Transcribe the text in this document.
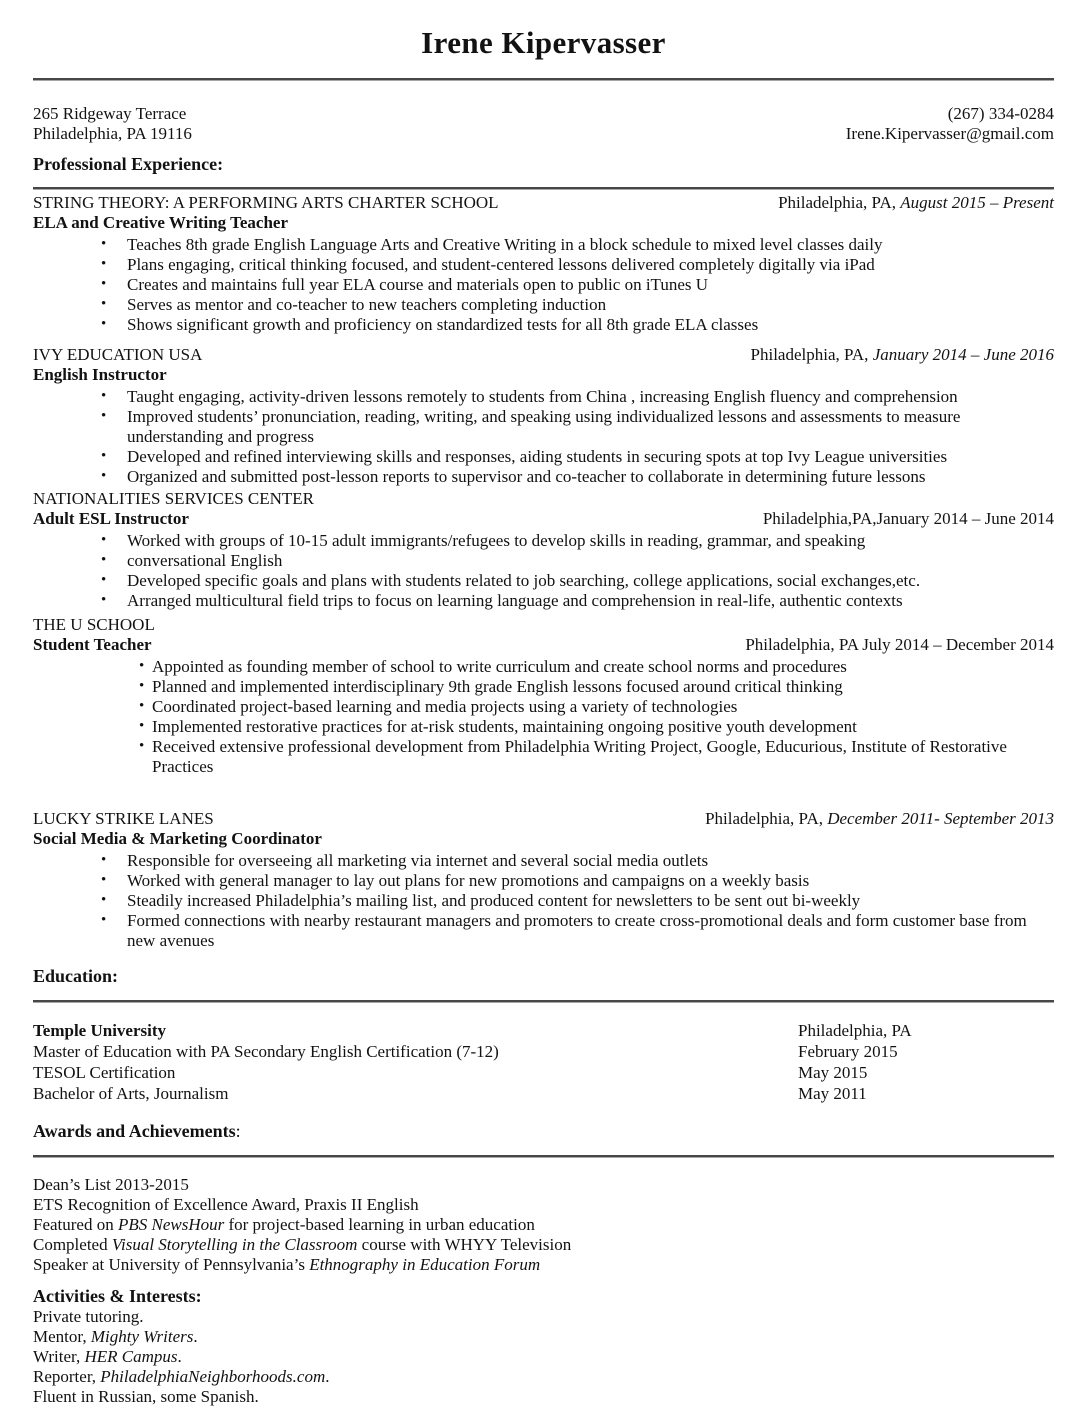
Irene Kipervasser
265 Ridgeway Terrace
Philadelphia, PA 19116
(267) 334-0284
Irene.Kipervasser@gmail.com
Professional Experience:
STRING THEORY: A PERFORMING ARTS CHARTER SCHOOL	Philadelphia, PA, August 2015 – Present
ELA and Creative Writing Teacher
• Teaches 8th grade English Language Arts and Creative Writing in a block schedule to mixed level classes daily
• Plans engaging, critical thinking focused, and student-centered lessons delivered completely digitally via iPad
• Creates and maintains full year ELA course and materials open to public on iTunes U
• Serves as mentor and co-teacher to new teachers completing induction
• Shows significant growth and proficiency on standardized tests for all 8th grade ELA classes
IVY EDUCATION USA	Philadelphia, PA, January 2014 – June 2016
English Instructor
• Taught engaging, activity-driven lessons remotely to students from China , increasing English fluency and comprehension
• Improved students’ pronunciation, reading, writing, and speaking using individualized lessons and assessments to measure understanding and progress
• Developed and refined interviewing skills and responses, aiding students in securing spots at top Ivy League universities
• Organized and submitted post-lesson reports to supervisor and co-teacher to collaborate in determining future lessons
NATIONALITIES SERVICES CENTER
Adult ESL Instructor	Philadelphia,PA,January 2014 – June 2014
• Worked with groups of 10-15 adult immigrants/refugees to develop skills in reading, grammar, and speaking
• conversational English
• Developed specific goals and plans with students related to job searching, college applications, social exchanges,etc.
• Arranged multicultural field trips to focus on learning language and comprehension in real-life, authentic contexts
THE U SCHOOL
Student Teacher	Philadelphia, PA July 2014 – December 2014
• Appointed as founding member of school to write curriculum and create school norms and procedures
• Planned and implemented interdisciplinary 9th grade English lessons focused around critical thinking
• Coordinated project-based learning and media projects using a variety of technologies
• Implemented restorative practices for at-risk students, maintaining ongoing positive youth development
• Received extensive professional development from Philadelphia Writing Project, Google, Educurious, Institute of Restorative Practices
LUCKY STRIKE LANES	Philadelphia, PA, December 2011- September 2013
Social Media & Marketing Coordinator
• Responsible for overseeing all marketing via internet and several social media outlets
• Worked with general manager to lay out plans for new promotions and campaigns on a weekly basis
• Steadily increased Philadelphia’s mailing list, and produced content for newsletters to be sent out bi-weekly
• Formed connections with nearby restaurant managers and promoters to create cross-promotional deals and form customer base from new avenues
Education:
Temple University	Philadelphia, PA
Master of Education with PA Secondary English Certification (7-12)	February 2015
TESOL Certification	May 2015
Bachelor of Arts, Journalism	May 2011
Awards and Achievements:
Dean’s List 2013-2015
ETS Recognition of Excellence Award, Praxis II English
Featured on PBS NewsHour for project-based learning in urban education
Completed Visual Storytelling in the Classroom course with WHYY Television
Speaker at University of Pennsylvania’s Ethnography in Education Forum
Activities & Interests:
Private tutoring.
Mentor, Mighty Writers.
Writer, HER Campus.
Reporter, PhiladelphiaNeighborhoods.com.
Fluent in Russian, some Spanish.
